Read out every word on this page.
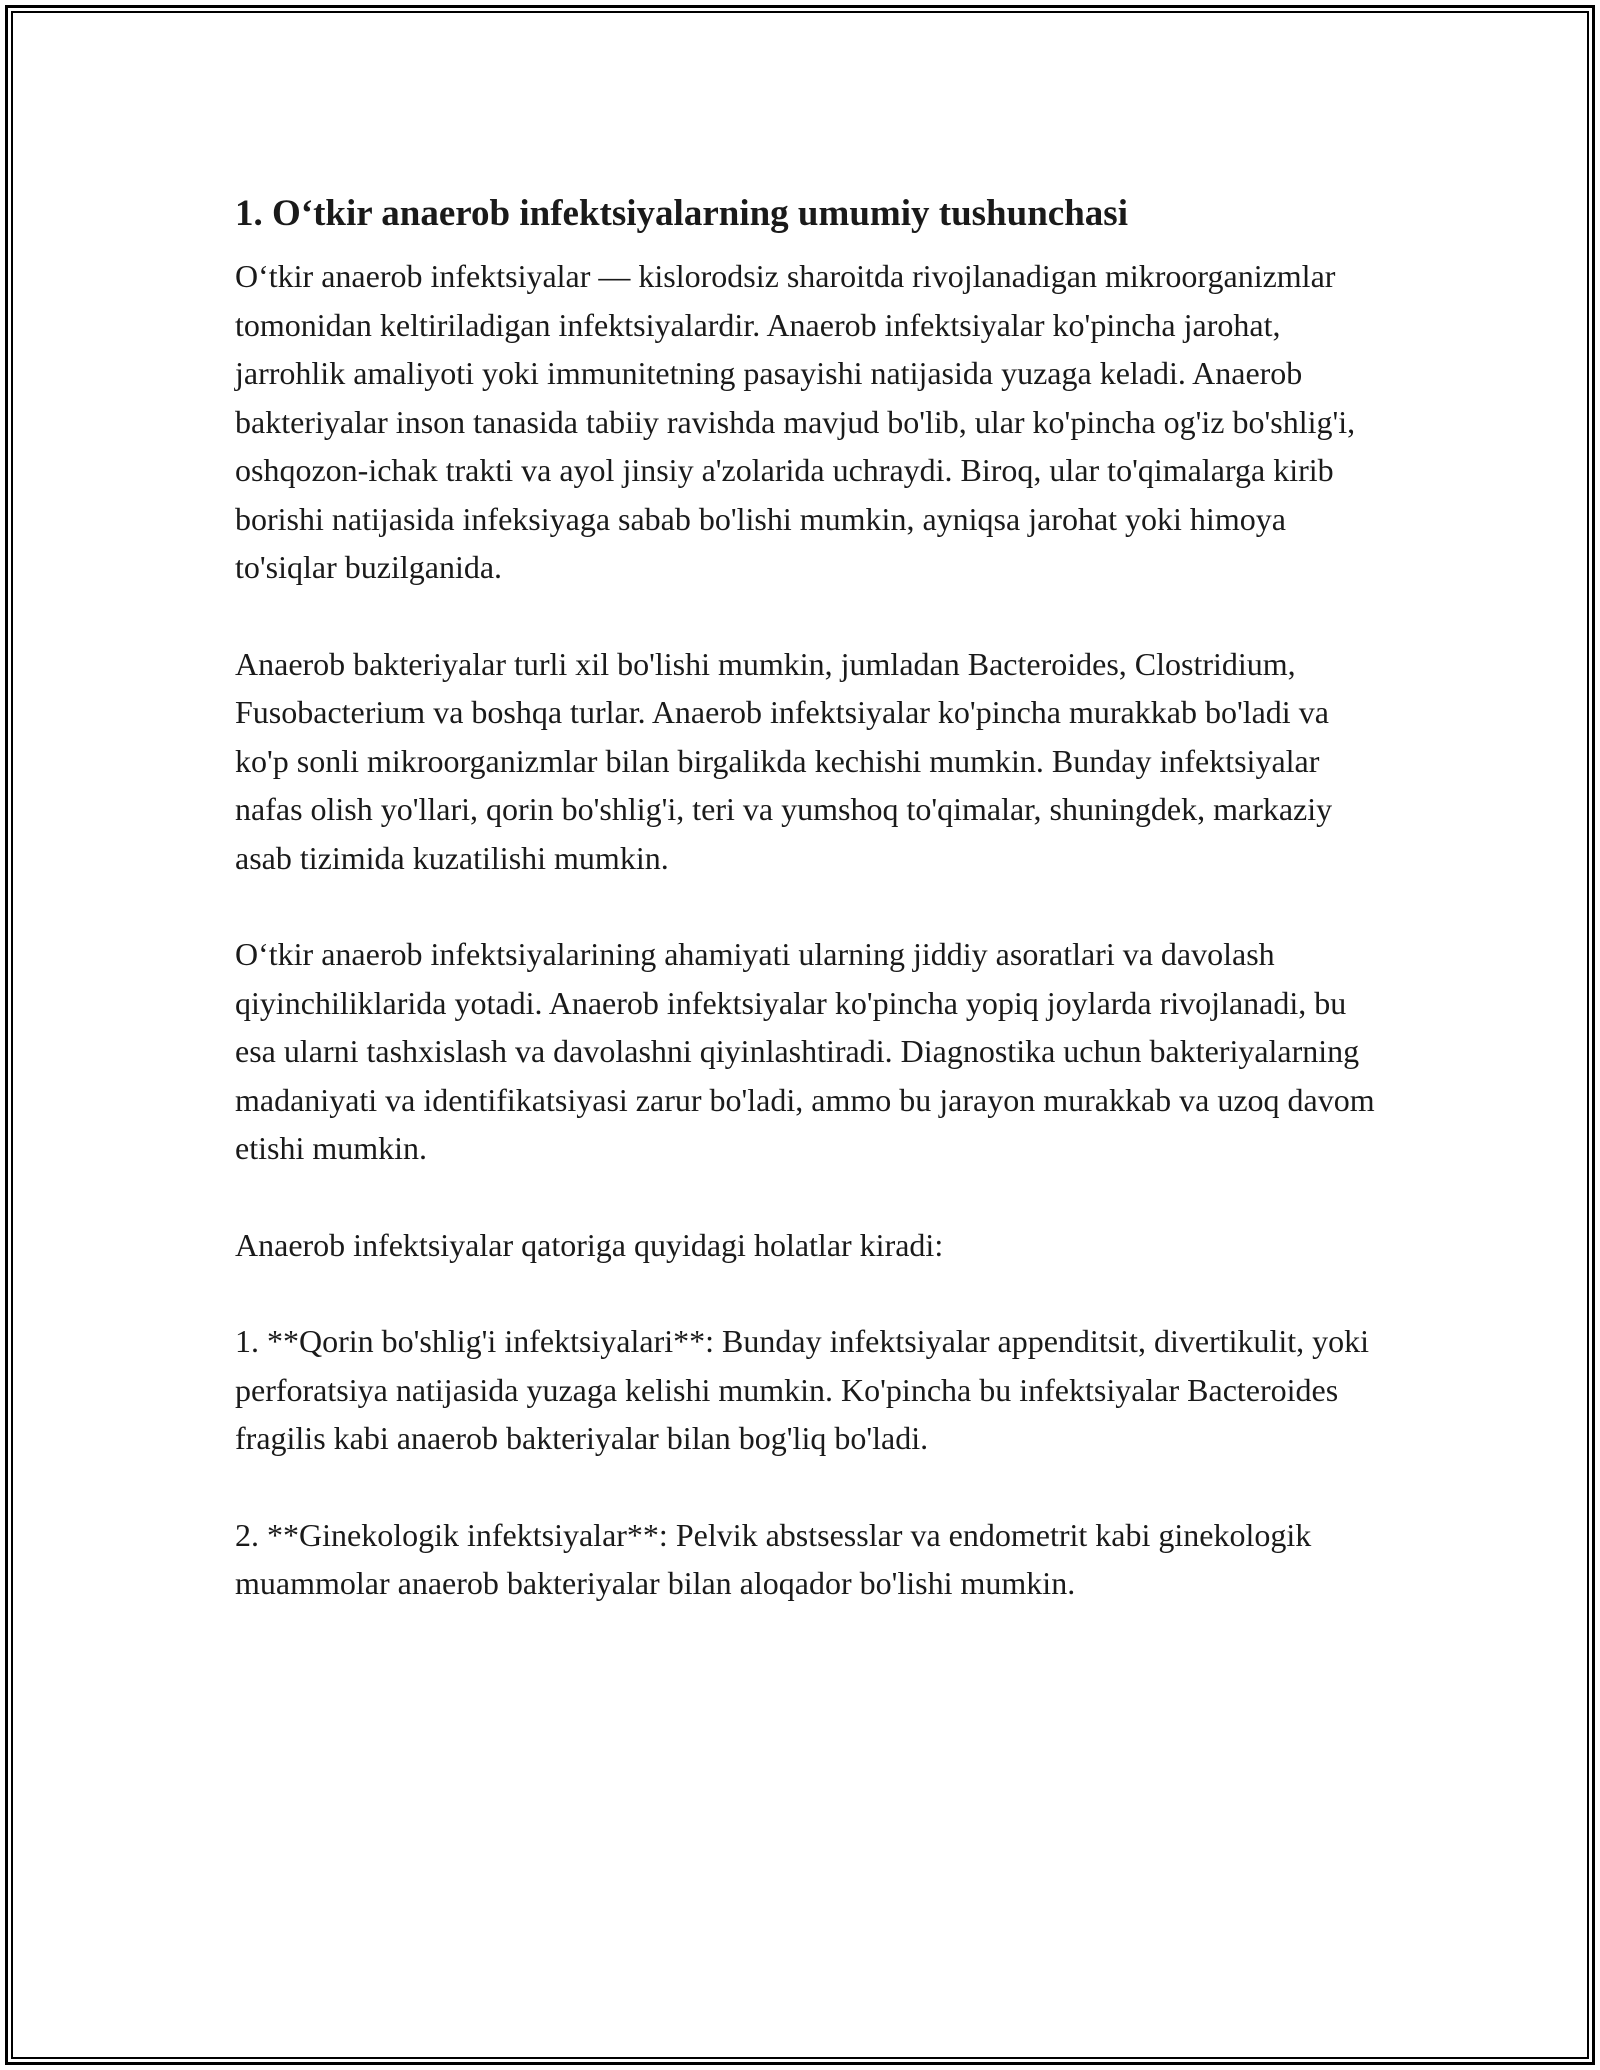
1. O‘tkir anaerob infektsiyalarning umumiy tushunchasi

O‘tkir anaerob infektsiyalar — kislorodsiz sharoitda rivojlanadigan mikroorganizmlar tomonidan keltiriladigan infektsiyalardir. Anaerob infektsiyalar ko'pincha jarohat, jarrohlik amaliyoti yoki immunitetning pasayishi natijasida yuzaga keladi. Anaerob bakteriyalar inson tanasida tabiiy ravishda mavjud bo'lib, ular ko'pincha og'iz bo'shlig'i, oshqozon-ichak trakti va ayol jinsiy a'zolarida uchraydi. Biroq, ular to'qimalarga kirib borishi natijasida infeksiyaga sabab bo'lishi mumkin, ayniqsa jarohat yoki himoya to'siqlar buzilganida.

Anaerob bakteriyalar turli xil bo'lishi mumkin, jumladan Bacteroides, Clostridium, Fusobacterium va boshqa turlar. Anaerob infektsiyalar ko'pincha murakkab bo'ladi va ko'p sonli mikroorganizmlar bilan birgalikda kechishi mumkin. Bunday infektsiyalar nafas olish yo'llari, qorin bo'shlig'i, teri va yumshoq to'qimalar, shuningdek, markaziy asab tizimida kuzatilishi mumkin.

O‘tkir anaerob infektsiyalarining ahamiyati ularning jiddiy asoratlari va davolash qiyinchiliklarida yotadi. Anaerob infektsiyalar ko'pincha yopiq joylarda rivojlanadi, bu esa ularni tashxislash va davolashni qiyinlashtiradi. Diagnostika uchun bakteriyalarning madaniyati va identifikatsiyasi zarur bo'ladi, ammo bu jarayon murakkab va uzoq davom etishi mumkin.

Anaerob infektsiyalar qatoriga quyidagi holatlar kiradi:

1. **Qorin bo'shlig'i infektsiyalari**: Bunday infektsiyalar appenditsit, divertikulit, yoki perforatsiya natijasida yuzaga kelishi mumkin. Ko'pincha bu infektsiyalar Bacteroides fragilis kabi anaerob bakteriyalar bilan bog'liq bo'ladi.

2. **Ginekologik infektsiyalar**: Pelvik abstsesslar va endometrit kabi ginekologik muammolar anaerob bakteriyalar bilan aloqador bo'lishi mumkin.
